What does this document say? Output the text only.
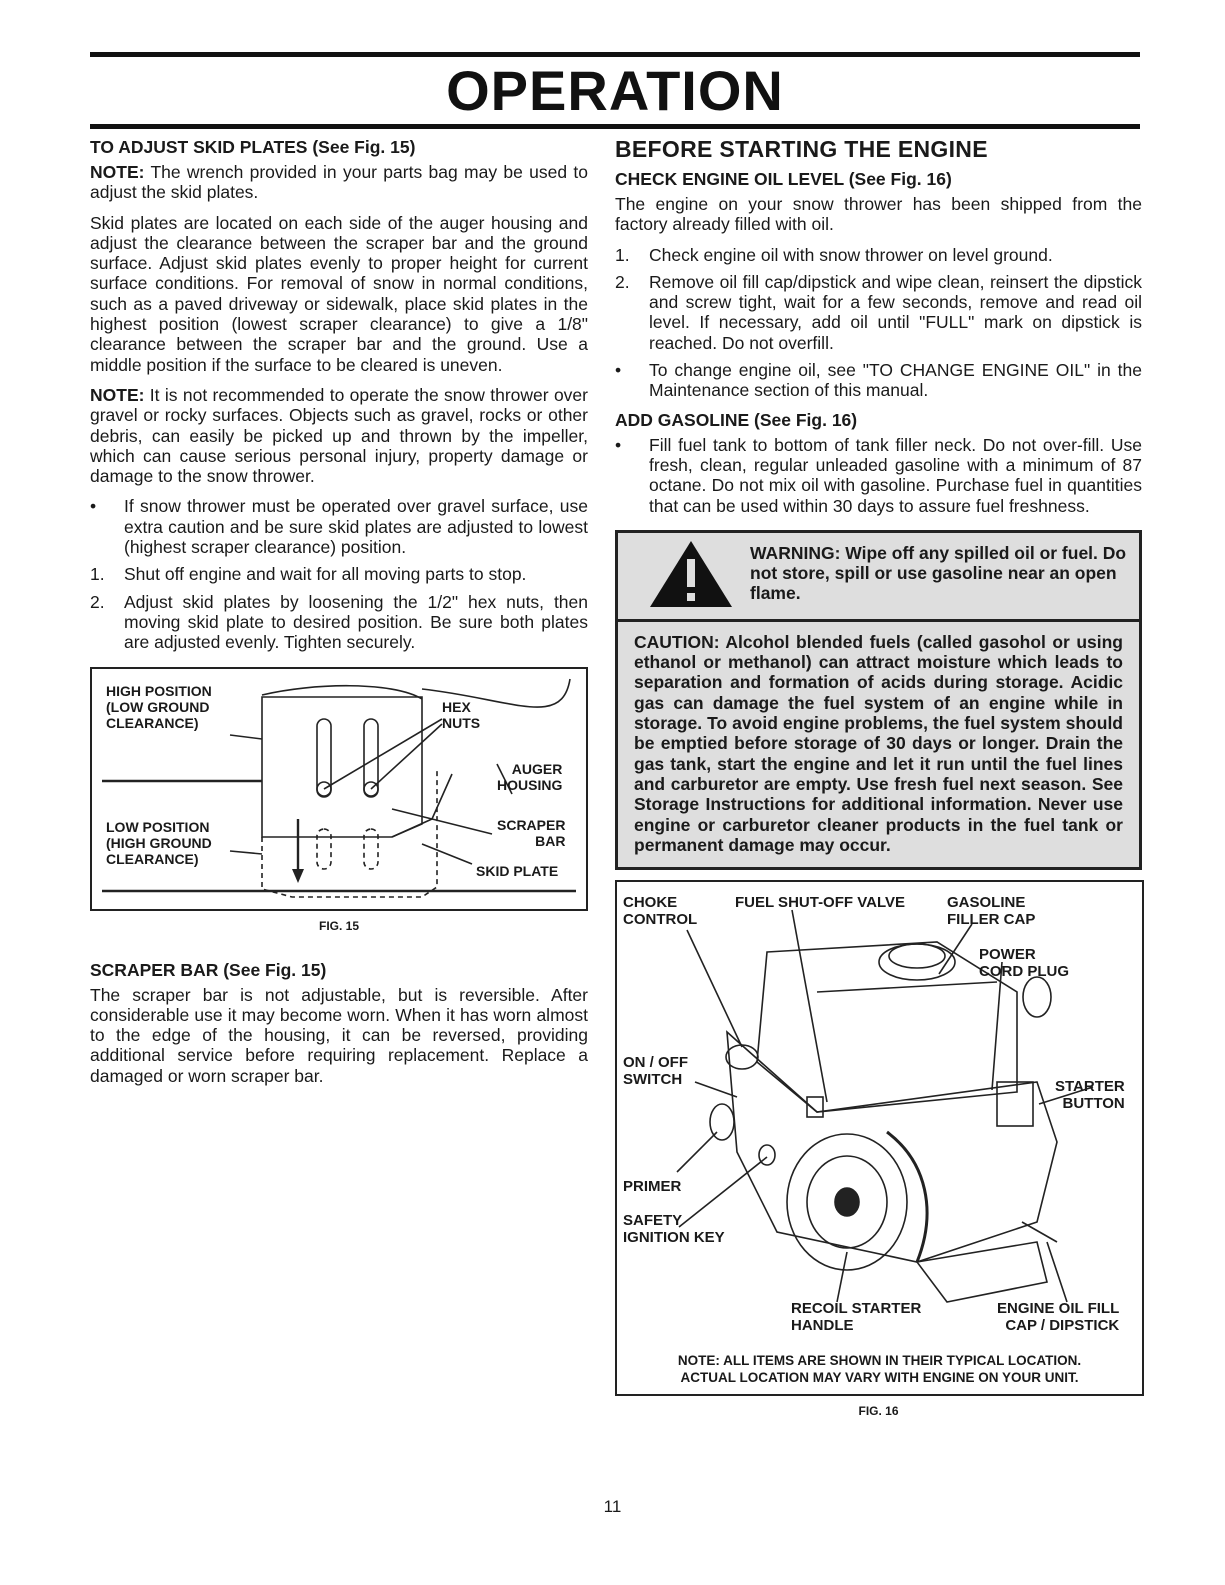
OPERATION
TO ADJUST SKID PLATES (See Fig. 15)

NOTE: The wrench provided in your parts bag may be used to adjust the skid plates.

Skid plates are located on each side of the auger housing and adjust the clearance between the scraper bar and the ground surface. Adjust skid plates evenly to proper height for current surface conditions. For removal of snow in normal conditions, such as a paved driveway or sidewalk, place skid plates in the highest position (lowest scraper clearance) to give a 1/8" clearance between the scraper bar and the ground. Use a middle position if the surface to be cleared is uneven.

NOTE: It is not recommended to operate the snow thrower over gravel or rocky surfaces. Objects such as gravel, rocks or other debris, can easily be picked up and thrown by the impeller, which can cause serious personal injury, property damage or damage to the snow thrower.

•	If snow thrower must be operated over gravel surface, use extra caution and be sure skid plates are adjusted to lowest (highest scraper clearance) position.
1.	Shut off engine and wait for all moving parts to stop.
2.	Adjust skid plates by loosening the 1/2" hex nuts, then moving skid plate to desired position. Be sure both plates are adjusted evenly. Tighten securely.
HIGH POSITION
(LOW GROUND
CLEARANCE)
LOW POSITION
(HIGH GROUND
CLEARANCE)
HEX
NUTS
AUGER
HOUSING
SCRAPER
BAR
SKID PLATE
FIG. 15
SCRAPER BAR (See Fig. 15)

The scraper bar is not adjustable, but is reversible. After considerable use it may become worn. When it has worn almost to the edge of the housing, it can be reversed, providing additional service before requiring replacement. Replace a damaged or worn scraper bar.

BEFORE STARTING THE ENGINE
CHECK ENGINE OIL LEVEL (See Fig. 16)

The engine on your snow thrower has been shipped from the factory already filled with oil.

1.	Check engine oil with snow thrower on level ground.
2.	Remove oil fill cap/dipstick and wipe clean, reinsert the dipstick and screw tight, wait for a few seconds, remove and read oil level. If necessary, add oil until "FULL" mark on dipstick is reached. Do not overfill.
•	To change engine oil, see "TO CHANGE ENGINE OIL" in the Maintenance section of this manual.
ADD GASOLINE (See Fig. 16)
•	Fill fuel tank to bottom of tank filler neck. Do not over-fill. Use fresh, clean, regular unleaded gasoline with a minimum of 87 octane. Do not mix oil with gasoline. Purchase fuel in quantities that can be used within 30 days to assure fuel freshness.
WARNING: Wipe off any spilled oil or fuel. Do not store, spill or use gasoline near an open flame.

CAUTION: Alcohol blended fuels (called gasohol or using ethanol or methanol) can attract moisture which leads to separation and formation of acids during storage. Acidic gas can damage the fuel system of an engine while in storage. To avoid engine problems, the fuel system should be emptied before storage of 30 days or longer. Drain the gas tank, start the engine and let it run until the fuel lines and carburetor are empty. Use fresh fuel next season. See Storage Instructions for additional information. Never use engine or carburetor cleaner products in the fuel tank or permanent damage may occur.

CHOKE
CONTROL
FUEL SHUT-OFF VALVE	GASOLINE
FILLER CAP
POWER
CORD PLUG
ON / OFF
SWITCH	STARTER
BUTTON
PRIMER
SAFETY
IGNITION KEY
RECOIL STARTER
HANDLE
ENGINE OIL FILL
CAP / DIPSTICK
NOTE: ALL ITEMS ARE SHOWN IN THEIR TYPICAL LOCATION.
ACTUAL LOCATION MAY VARY WITH ENGINE ON YOUR UNIT.
FIG. 16
11
